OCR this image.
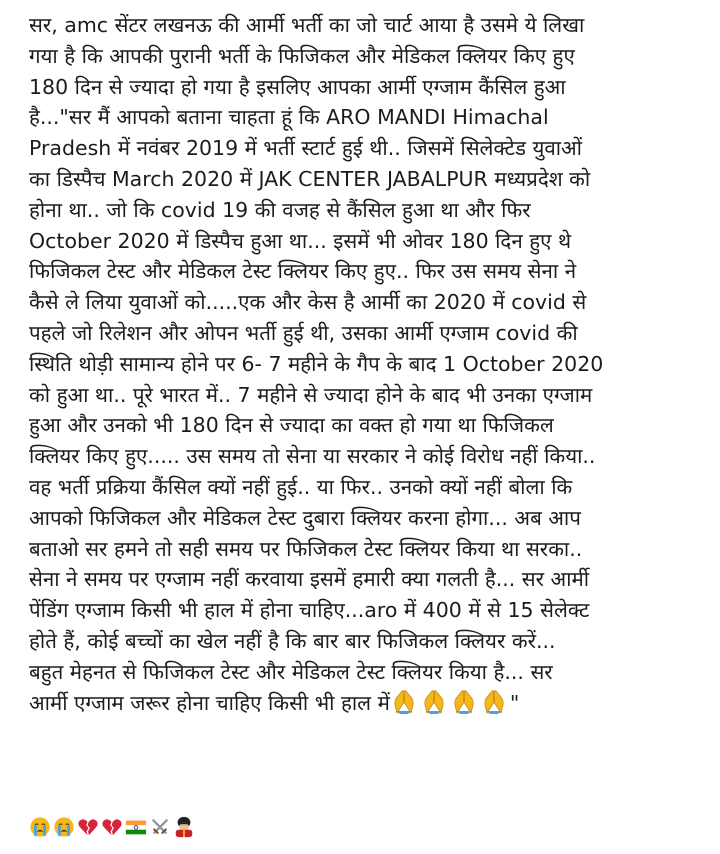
सर, amc सेंटर लखनऊ की आर्मी भर्ती का जो चार्ट आया है उसमे ये लिखा
गया है कि आपकी पुरानी भर्ती के फिजिकल और मेडिकल क्लियर किए हुए
180 दिन से ज्यादा हो गया है इसलिए आपका आर्मी एग्जाम कैंसिल हुआ
है..."सर मैं आपको बताना चाहता हूं कि ARO MANDI Himachal
Pradesh में नवंबर 2019 में भर्ती स्टार्ट हुई थी.. जिसमें सिलेक्टेड युवाओं
का डिस्पैच March 2020 में JAK CENTER JABALPUR मध्यप्रदेश को
होना था.. जो कि covid 19 की वजह से कैंसिल हुआ था और फिर
October 2020 में डिस्पैच हुआ था... इसमें भी ओवर 180 दिन हुए थे
फिजिकल टेस्ट और मेडिकल टेस्ट क्लियर किए हुए.. फिर उस समय सेना ने
कैसे ले लिया युवाओं को.....एक और केस है आर्मी का 2020 में covid से
पहले जो रिलेशन और ओपन भर्ती हुई थी, उसका आर्मी एग्जाम covid की
स्थिति थोड़ी सामान्य होने पर 6- 7 महीने के गैप के बाद 1 October 2020
को हुआ था.. पूरे भारत में.. 7 महीने से ज्यादा होने के बाद भी उनका एग्जाम
हुआ और उनको भी 180 दिन से ज्यादा का वक्त हो गया था फिजिकल
क्लियर किए हुए..... उस समय तो सेना या सरकार ने कोई विरोध नहीं किया..
वह भर्ती प्रक्रिया कैंसिल क्यों नहीं हुई.. या फिर.. उनको क्यों नहीं बोला कि
आपको फिजिकल और मेडिकल टेस्ट दुबारा क्लियर करना होगा... अब आप
बताओ सर हमने तो सही समय पर फिजिकल टेस्ट क्लियर किया था सरका..
सेना ने समय पर एग्जाम नहीं करवाया इसमें हमारी क्या गलती है... सर आर्मी
पेंडिंग एग्जाम किसी भी हाल में होना चाहिए...aro में 400 में से 15 सेलेक्ट
होते हैं, कोई बच्चों का खेल नहीं है कि बार बार फिजिकल क्लियर करें...
बहुत मेहनत से फिजिकल टेस्ट और मेडिकल टेस्ट क्लियर किया है... सर
आर्मी एग्जाम जरूर होना चाहिए किसी भी हाल में	"
